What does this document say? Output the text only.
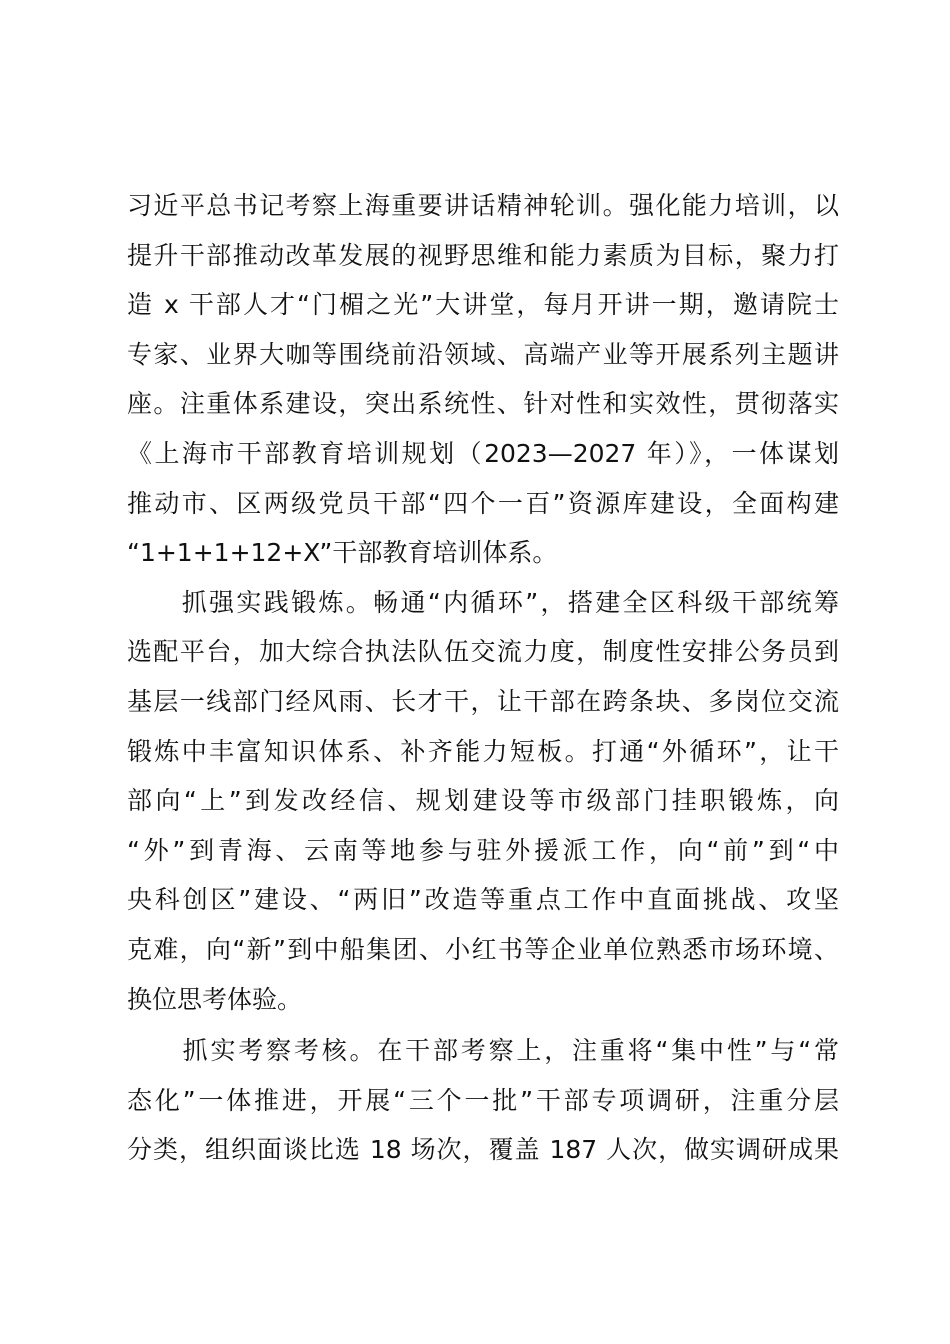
习近平总书记考察上海重要讲话精神轮训。强化能力培训，以
提升干部推动改革发展的视野思维和能力素质为目标，聚力打
造 x 干部人才“门楣之光”大讲堂，每月开讲一期，邀请院士
专家、业界大咖等围绕前沿领域、高端产业等开展系列主题讲
座。注重体系建设，突出系统性、针对性和实效性，贯彻落实
《上海市干部教育培训规划（2023—2027 年）》，一体谋划
推动市、区两级党员干部“四个一百”资源库建设，全面构建
“1+1+1+12+X”干部教育培训体系。
　　抓强实践锻炼。畅通“内循环”，搭建全区科级干部统筹
选配平台，加大综合执法队伍交流力度，制度性安排公务员到
基层一线部门经风雨、长才干，让干部在跨条块、多岗位交流
锻炼中丰富知识体系、补齐能力短板。打通“外循环”，让干
部向“上”到发改经信、规划建设等市级部门挂职锻炼，向
“外”到青海、云南等地参与驻外援派工作，向“前”到“中
央科创区”建设、“两旧”改造等重点工作中直面挑战、攻坚
克难，向“新”到中船集团、小红书等企业单位熟悉市场环境、
换位思考体验。
　　抓实考察考核。在干部考察上，注重将“集中性”与“常
态化”一体推进，开展“三个一批”干部专项调研，注重分层
分类，组织面谈比选 18 场次，覆盖 187 人次，做实调研成果
